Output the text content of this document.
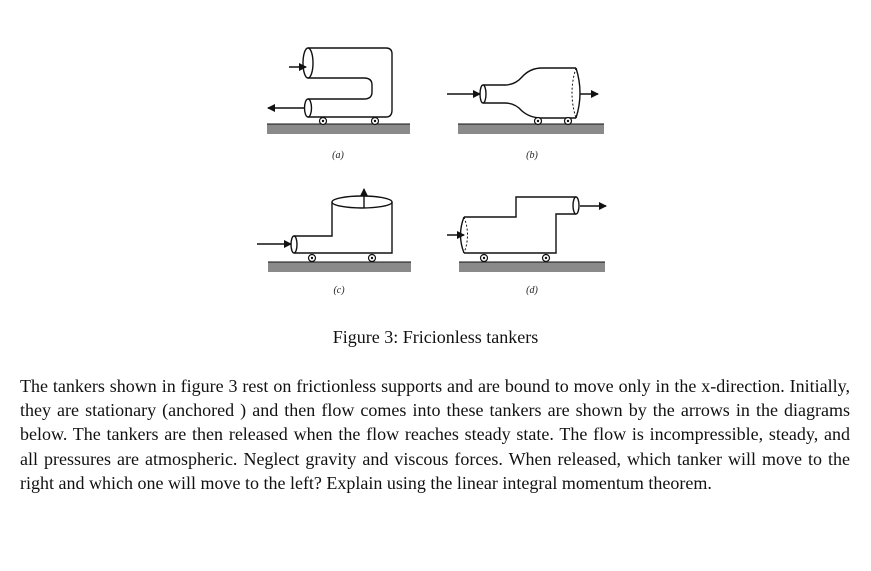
(a)	(b)
(c)	(d)
Figure 3: Fricionless tankers

The tankers shown in figure 3 rest on frictionless supports and are bound to move only in the x-direction. Initially, they are stationary (anchored ) and then flow comes into these tankers are shown by the arrows in the diagrams below. The tankers are then released when the flow reaches steady state. The flow is incompressible, steady, and all pressures are atmospheric. Neglect gravity and viscous forces. When released, which tanker will move to the right and which one will move to the left? Explain using the linear integral momentum theorem.
